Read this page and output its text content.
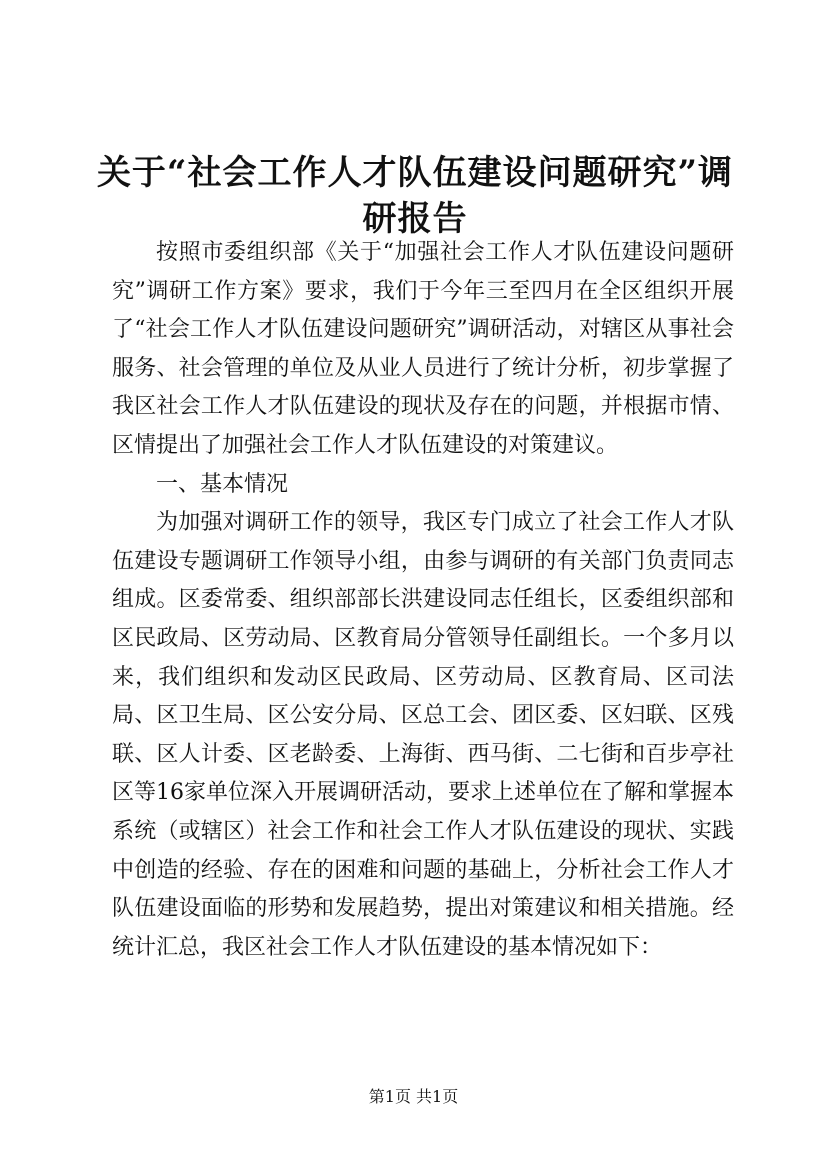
关于“社会工作人才队伍建设问题研究”调研报告

按照市委组织部《关于“加强社会工作人才队伍建设问题研究”调研工作方案》要求，我们于今年三至四月在全区组织开展了“社会工作人才队伍建设问题研究”调研活动，对辖区从事社会服务、社会管理的单位及从业人员进行了统计分析，初步掌握了我区社会工作人才队伍建设的现状及存在的问题，并根据市情、区情提出了加强社会工作人才队伍建设的对策建议。

一、基本情况

为加强对调研工作的领导，我区专门成立了社会工作人才队伍建设专题调研工作领导小组，由参与调研的有关部门负责同志组成。区委常委、组织部部长洪建设同志任组长，区委组织部和区民政局、区劳动局、区教育局分管领导任副组长。一个多月以来，我们组织和发动区民政局、区劳动局、区教育局、区司法局、区卫生局、区公安分局、区总工会、团区委、区妇联、区残联、区人计委、区老龄委、上海街、西马街、二七街和百步亭社区等16家单位深入开展调研活动，要求上述单位在了解和掌握本系统（或辖区）社会工作和社会工作人才队伍建设的现状、实践中创造的经验、存在的困难和问题的基础上，分析社会工作人才队伍建设面临的形势和发展趋势，提出对策建议和相关措施。经统计汇总，我区社会工作人才队伍建设的基本情况如下：

第1页 共1页
